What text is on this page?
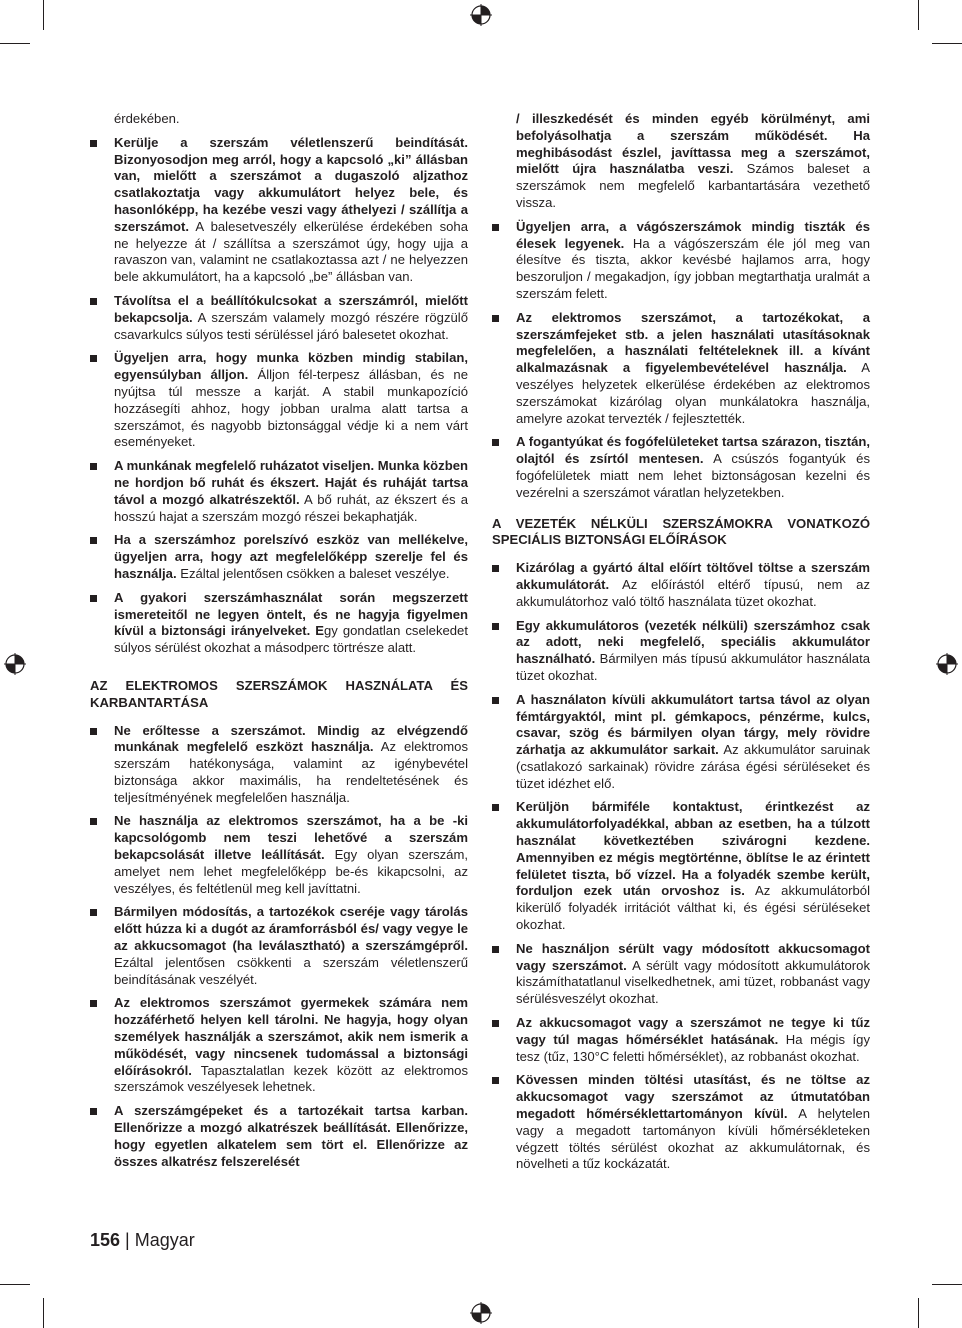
érdekében.
Kerülje a szerszám véletlenszerű beindítását. Bizonyosodjon meg arról, hogy a kapcsoló „ki” állásban van, mielőtt a szerszámot a dugaszoló aljzathoz csatlakoztatja vagy akkumulátort helyez bele, és hasonlóképp, ha kezébe veszi vagy áthelyezi / szállítja a szerszámot. A balesetveszély elkerülése érdekében soha ne helyezze át / szállítsa a szerszámot úgy, hogy ujja a ravaszon van, valamint ne csatlakoztassa azt / ne helyezzen bele akkumulátort, ha a kapcsoló „be” állásban van.
Távolítsa el a beállítókulcsokat a szerszámról, mielőtt bekapcsolja. A szerszám valamely mozgó részére rögzülő csavarkulcs súlyos testi sérüléssel járó balesetet okozhat.
Ügyeljen arra, hogy munka közben mindig stabilan, egyensúlyban álljon. Álljon fél-terpesz állásban, és ne nyújtsa túl messze a karját. A stabil munkapozíció hozzásegíti ahhoz, hogy jobban uralma alatt tartsa a szerszámot, és nagyobb biztonsággal védje ki a nem várt eseményeket.
A munkának megfelelő ruházatot viseljen. Munka közben ne hordjon bő ruhát és ékszert. Haját és ruháját tartsa távol a mozgó alkatrészektől. A bő ruhát, az ékszert és a hosszú hajat a szerszám mozgó részei bekaphatják.
Ha a szerszámhoz porelszívó eszköz van mellékelve, ügyeljen arra, hogy azt megfelelőképp szerelje fel és használja. Ezáltal jelentősen csökken a baleset veszélye.
A gyakori szerszámhasználat során megszerzett ismereteitől ne legyen öntelt, és ne hagyja figyelmen kívül a biztonsági irányelveket. Egy gondatlan cselekedet súlyos sérülést okozhat a másodperc törtrésze alatt.
AZ ELEKTROMOS SZERSZÁMOK HASZNÁLATA ÉS KARBANTARTÁSA
Ne erőltesse a szerszámot. Mindig az elvégzendő munkának megfelelő eszközt használja. Az elektromos szerszám hatékonysága, valamint az igénybevétel biztonsága akkor maximális, ha rendeltetésének és teljesítményének megfelelően használja.
Ne használja az elektromos szerszámot, ha a be -ki kapcsológomb nem teszi lehetővé a szerszám bekapcsolását illetve leállítását. Egy olyan szerszám, amelyet nem lehet megfelelőképp be-és kikapcsolni, az veszélyes, és feltétlenül meg kell javíttatni.
Bármilyen módosítás, a tartozékok cseréje vagy tárolás előtt húzza ki a dugót az áramforrásból és/ vagy vegye le az akkucsomagot (ha leválasztható) a szerszámgépről. Ezáltal jelentősen csökkenti a szerszám véletlenszerű beindításának veszélyét.
Az elektromos szerszámot gyermekek számára nem hozzáférhető helyen kell tárolni. Ne hagyja, hogy olyan személyek használják a szerszámot, akik nem ismerik a működését, vagy nincsenek tudomással a biztonsági előírásokról. Tapasztalatlan kezek között az elektromos szerszámok veszélyesek lehetnek.
A szerszámgépeket és a tartozékait tartsa karban. Ellenőrizze a mozgó alkatrészek beállítását. Ellenőrizze, hogy egyetlen alkatelem sem tört el. Ellenőrizze az összes alkatrész felszerelését
/ illeszkedését és minden egyéb körülményt, ami befolyásolhatja a szerszám működését. Ha meghibásodást észlel, javíttassa meg a szerszámot, mielőtt újra használatba veszi. Számos baleset a szerszámok nem megfelelő karbantartására vezethető vissza.
Ügyeljen arra, a vágószerszámok mindig tiszták és élesek legyenek. Ha a vágószerszám éle jól meg van élesítve és tiszta, akkor kevésbé hajlamos arra, hogy beszoruljon / megakadjon, így jobban megtarthatja uralmát a szerszám felett.
Az elektromos szerszámot, a tartozékokat, a szerszámfejeket stb. a jelen használati utasításoknak megfelelően, a használati feltételeknek ill. a kívánt alkalmazásnak a figyelembevételével használja. A veszélyes helyzetek elkerülése érdekében az elektromos szerszámokat kizárólag olyan munkálatokra használja, amelyre azokat tervezték / fejlesztették.
A fogantyúkat és fogófelületeket tartsa szárazon, tisztán, olajtól és zsírtól mentesen. A csúszós fogantyúk és fogófelületek miatt nem lehet biztonságosan kezelni és vezérelni a szerszámot váratlan helyzetekben.
A VEZETÉK NÉLKÜLI SZERSZÁMOKRA VONATKOZÓ SPECIÁLIS BIZTONSÁGI ELŐÍRÁSOK
Kizárólag a gyártó által előírt töltővel töltse a szerszám akkumulátorát. Az előírástól eltérő típusú, nem az akkumulátorhoz való töltő használata tüzet okozhat.
Egy akkumulátoros (vezeték nélküli) szerszámhoz csak az adott, neki megfelelő, speciális akkumulátor használható. Bármilyen más típusú akkumulátor használata tüzet okozhat.
A használaton kívüli akkumulátort tartsa távol az olyan fémtárgyaktól, mint pl. gémkapocs, pénzérme, kulcs, csavar, szög és bármilyen olyan tárgy, mely rövidre zárhatja az akkumulátor sarkait. Az akkumulátor saruinak (csatlakozó sarkainak) rövidre zárása égési sérüléseket és tüzet idézhet elő.
Kerüljön bármiféle kontaktust, érintkezést az akkumulátorfolyadékkal, abban az esetben, ha a túlzott használat következtében szivárogni kezdene. Amennyiben ez mégis megtörténne, öblítse le az érintett felületet tiszta, bő vízzel. Ha a folyadék szembe került, forduljon ezek után orvoshoz is. Az akkumulátorból kikerülő folyadék irritációt válthat ki, és égési sérüléseket okozhat.
Ne használjon sérült vagy módosított akkucsomagot vagy szerszámot. A sérült vagy módosított akkumulátorok kiszámíthatatlanul viselkedhetnek, ami tüzet, robbanást vagy sérülésveszélyt okozhat.
Az akkucsomagot vagy a szerszámot ne tegye ki tűz vagy túl magas hőmérséklet hatásának. Ha mégis így tesz (tűz, 130°C feletti hőmérséklet), az robbanást okozhat.
Kövessen minden töltési utasítást, és ne töltse az akkucsomagot vagy szerszámot az útmutatóban megadott hőmérséklettartományon kívül. A helytelen vagy a megadott tartományon kívüli hőmérsékleteken végzett töltés sérülést okozhat az akkumulátornak, és növelheti a tűz kockázatát.
156 | Magyar
